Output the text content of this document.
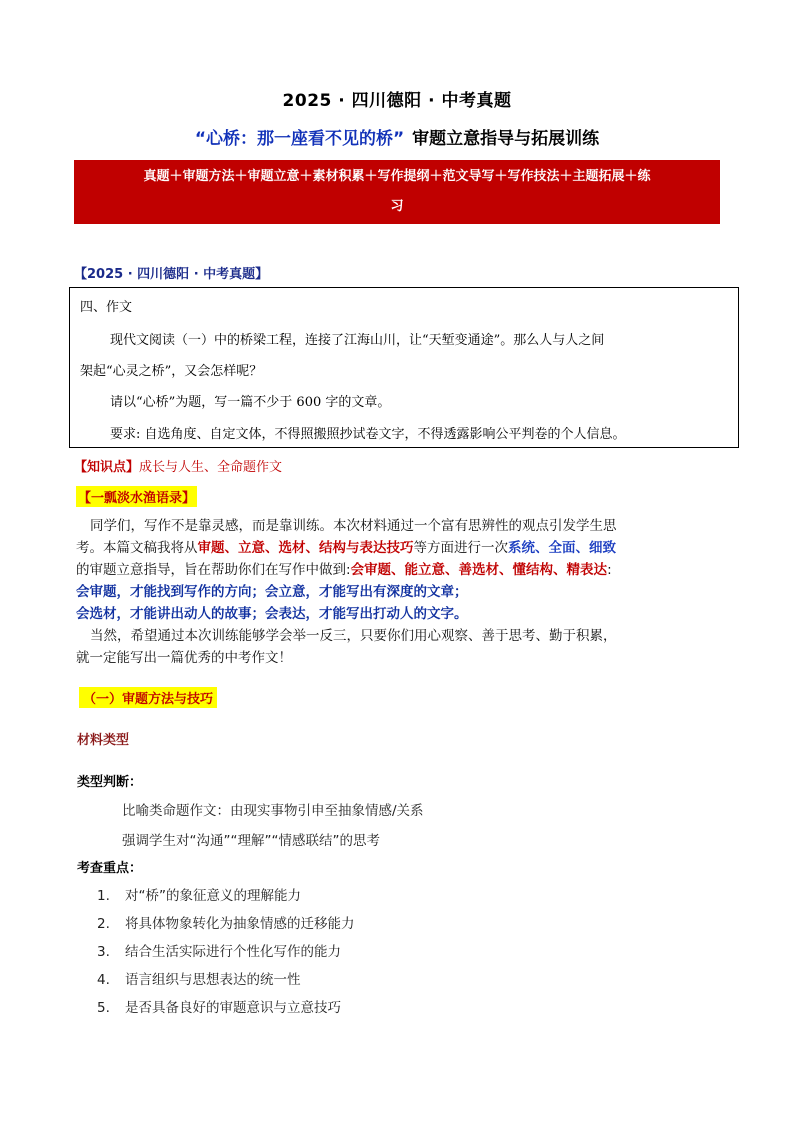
2025 · 四川德阳 · 中考真题
“心桥：那一座看不见的桥” 审题立意指导与拓展训练
真题＋审题方法＋审题立意＋素材积累＋写作提纲＋范文导写＋写作技法＋主题拓展＋练
习
【2025 · 四川德阳 · 中考真题】
四、作文
现代文阅读（一）中的桥梁工程，连接了江海山川，让“天堑变通途”。那么人与人之间
架起“心灵之桥”，又会怎样呢？
请以“心桥”为题，写一篇不少于 600 字的文章。
要求: 自选角度、自定文体，不得照搬照抄试卷文字，不得透露影响公平判卷的个人信息。
【知识点】成长与人生、全命题作文
【一瓢淡水渔语录】
同学们，写作不是靠灵感，而是靠训练。本次材料通过一个富有思辨性的观点引发学生思
考。本篇文稿我将从审题、立意、选材、结构与表达技巧等方面进行一次系统、全面、细致
的审题立意指导，旨在帮助你们在写作中做到:会审题、能立意、善选材、懂结构、精表达:
会审题，才能找到写作的方向；会立意，才能写出有深度的文章；
会选材，才能讲出动人的故事；会表达，才能写出打动人的文字。
当然，希望通过本次训练能够学会举一反三，只要你们用心观察、善于思考、勤于积累，
就一定能写出一篇优秀的中考作文！
（一）审题方法与技巧
材料类型
类型判断：
比喻类命题作文：由现实事物引申至抽象情感/关系
强调学生对“沟通”“理解”“情感联结”的思考
考查重点：
1. 对“桥”的象征意义的理解能力
2. 将具体物象转化为抽象情感的迁移能力
3. 结合生活实际进行个性化写作的能力
4. 语言组织与思想表达的统一性
5. 是否具备良好的审题意识与立意技巧
